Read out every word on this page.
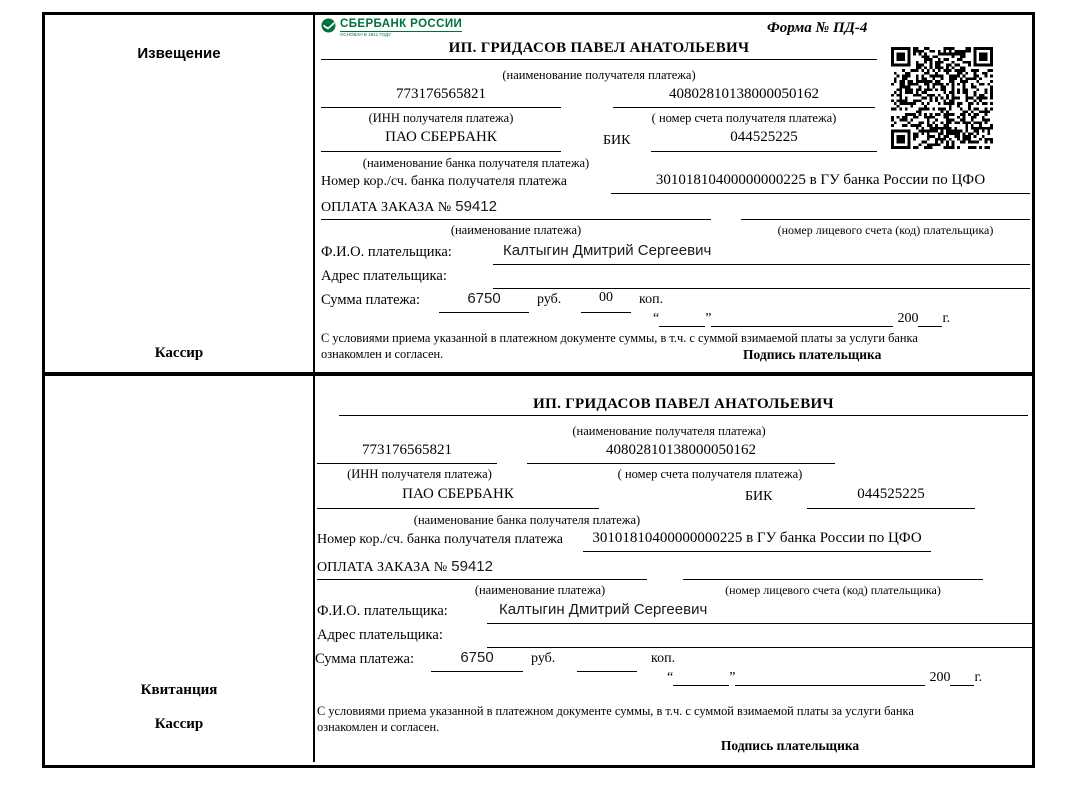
Извещение
Кассир
СБЕРБАНК РОССИИ
ОСНОВАН В 1841 ГОДУ	Форма № ПД-4
ИП. ГРИДАСОВ ПАВЕЛ АНАТОЛЬЕВИЧ
(наименование получателя платежа)
773176565821	40802810138000050162
(ИНН получателя платежа)	( номер счета получателя платежа)
ПАО СБЕРБАНК	БИК	044525225
(наименование банка получателя платежа)
Номер кор./сч. банка получателя платежа	30101810400000000225 в ГУ банка России по ЦФО
ОПЛАТА ЗАКАЗА № 59412
(наименование платежа)	(номер лицевого счета (код) плательщика)
Ф.И.О. плательщика:	Калтыгин Дмитрий Сергеевич
Адрес плательщика:
Сумма платежа:	6750	руб.	00	коп.
“	”	200 г.
С условиями приема указанной в платежном документе суммы, в т.ч. с суммой взимаемой платы за услуги банка
ознакомлен и согласен.	Подпись плательщика
Квитанция
Кассир
ИП. ГРИДАСОВ ПАВЕЛ АНАТОЛЬЕВИЧ
(наименование получателя платежа)
773176565821	40802810138000050162
(ИНН получателя платежа)	( номер счета получателя платежа)
ПАО СБЕРБАНК	БИК	044525225
(наименование банка получателя платежа)
Номер кор./сч. банка получателя платежа	30101810400000000225 в ГУ банка России по ЦФО
ОПЛАТА ЗАКАЗА № 59412
(наименование платежа)	(номер лицевого счета (код) плательщика)
Ф.И.О. плательщика:	Калтыгин Дмитрий Сергеевич
Адрес плательщика:
Сумма платежа:	6750	руб.	коп.
“	”	200 г.
С условиями приема указанной в платежном документе суммы, в т.ч. с суммой взимаемой платы за услуги банка
ознакомлен и согласен.
Подпись плательщика
